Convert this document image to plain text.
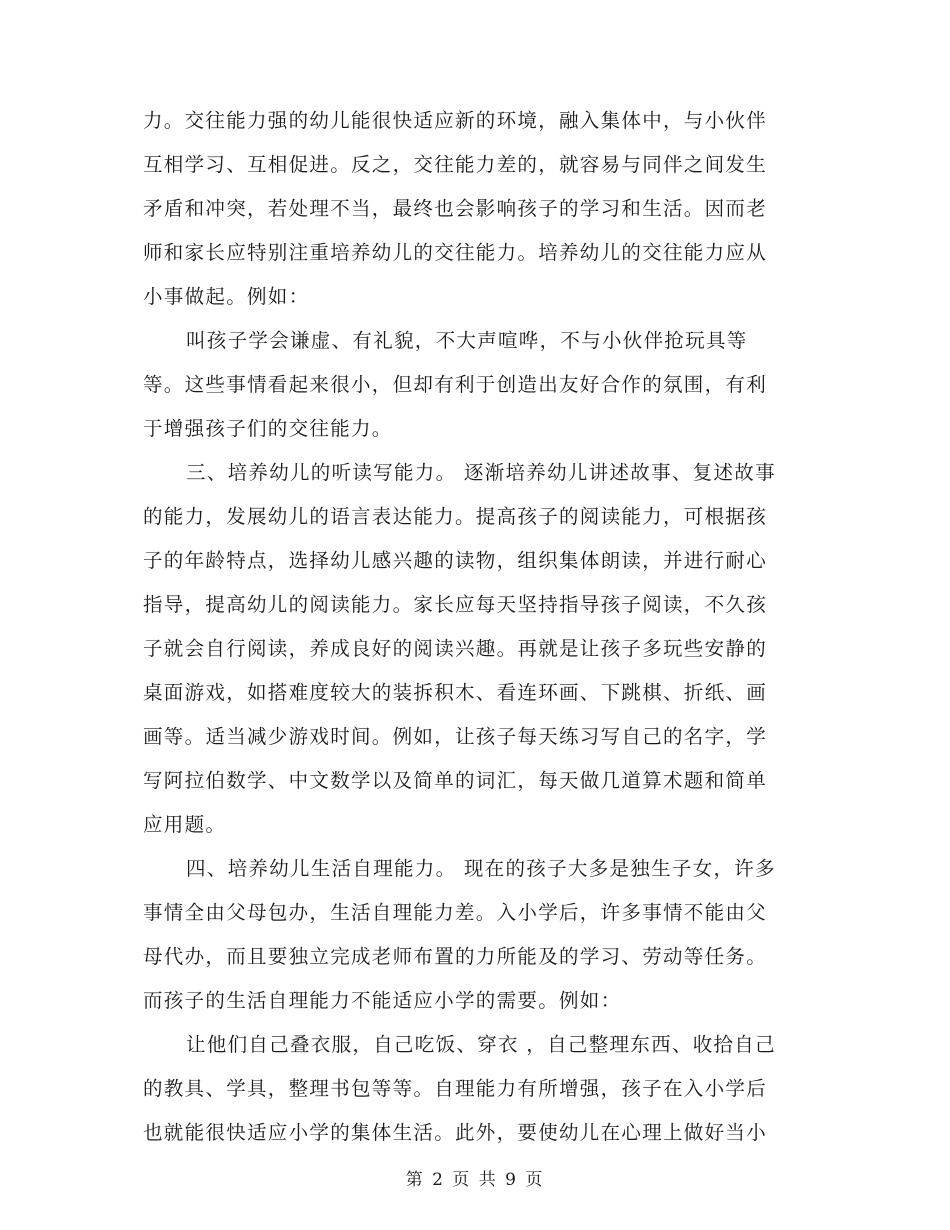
力。交往能力强的幼儿能很快适应新的环境，融入集体中，与小伙伴
互相学习、互相促进。反之，交往能力差的，就容易与同伴之间发生
矛盾和冲突，若处理不当，最终也会影响孩子的学习和生活。因而老
师和家长应特别注重培养幼儿的交往能力。培养幼儿的交往能力应从
小事做起。例如：
叫孩子学会谦虚、有礼貌，不大声喧哗，不与小伙伴抢玩具等
等。这些事情看起来很小，但却有利于创造出友好合作的氛围，有利
于增强孩子们的交往能力。
三、培养幼儿的听读写能力。 逐渐培养幼儿讲述故事、复述故事
的能力，发展幼儿的语言表达能力。提高孩子的阅读能力，可根据孩
子的年龄特点，选择幼儿感兴趣的读物，组织集体朗读，并进行耐心
指导，提高幼儿的阅读能力。家长应每天坚持指导孩子阅读，不久孩
子就会自行阅读，养成良好的阅读兴趣。再就是让孩子多玩些安静的
桌面游戏，如搭难度较大的装拆积木、看连环画、下跳棋、折纸、画
画等。适当减少游戏时间。例如，让孩子每天练习写自己的名字，学
写阿拉伯数学、中文数学以及简单的词汇，每天做几道算术题和简单
应用题。
四、培养幼儿生活自理能力。 现在的孩子大多是独生子女，许多
事情全由父母包办，生活自理能力差。入小学后，许多事情不能由父
母代办，而且要独立完成老师布置的力所能及的学习、劳动等任务。
而孩子的生活自理能力不能适应小学的需要。例如：
让他们自己叠衣服，自己吃饭、穿衣 ，自己整理东西、收拾自己
的教具、学具，整理书包等等。自理能力有所增强，孩子在入小学后
也就能很快适应小学的集体生活。此外，要使幼儿在心理上做好当小
第 2 页 共 9 页
